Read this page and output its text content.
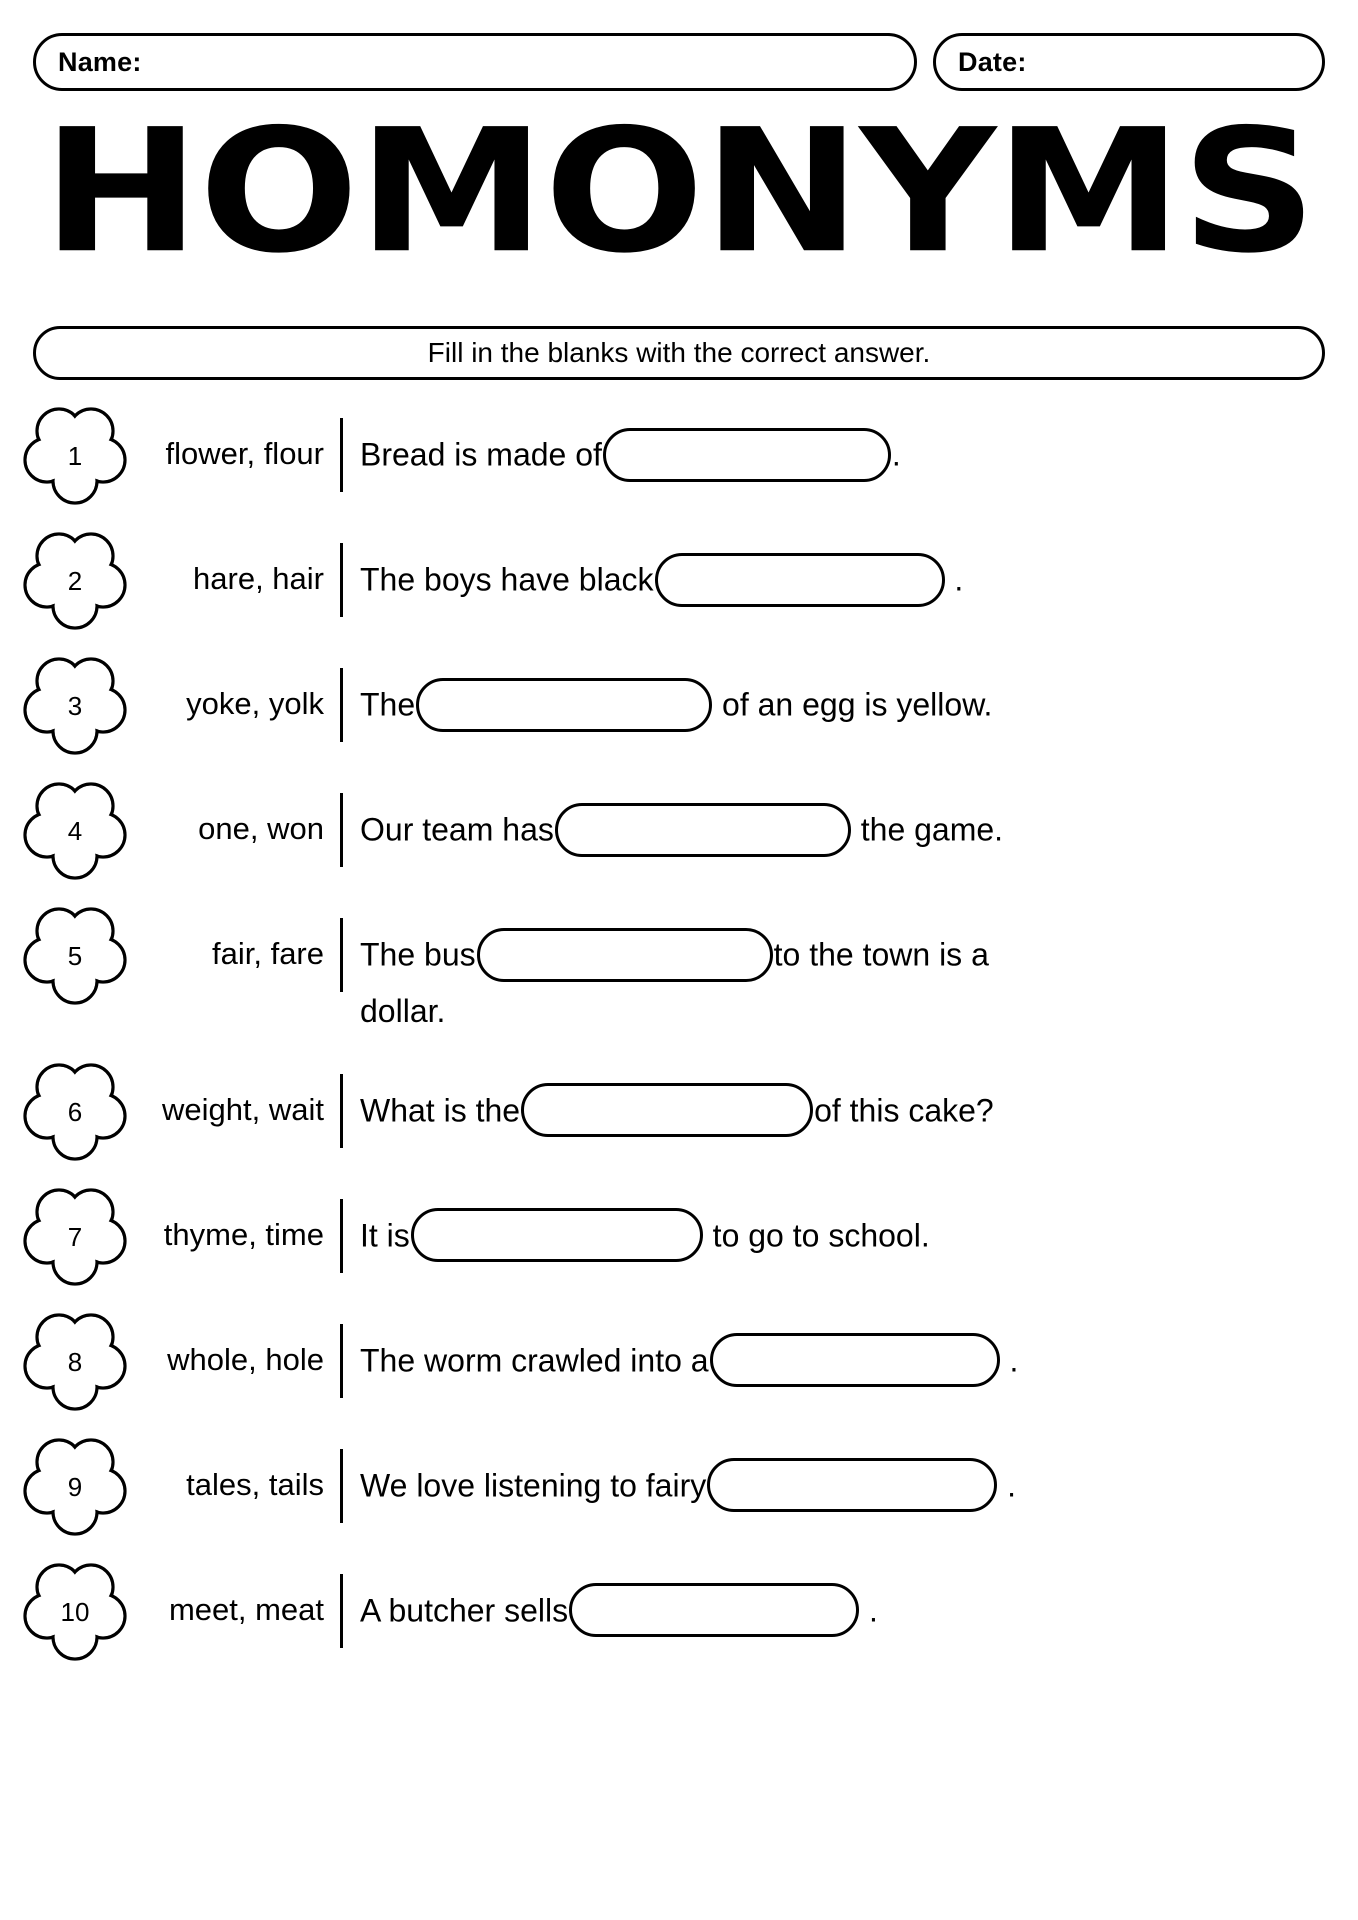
Name:	Date:
HOMONYMS
Fill in the blanks with the correct answer.
1	flower, flour	Bread is made of	.
2	hare, hair	The boys have black	.
3	yoke, yolk	The	of an egg is yellow.
4	one, won	Our team has	the game.
5	fair, fare	The bus	to the town is a
dollar.
6	weight, wait	What is the	of this cake?
7	thyme, time	It is	to go to school.
8	whole, hole	The worm crawled into a	.
9	tales, tails	We love listening to fairy	.
10	meet, meat	A butcher sells	.
